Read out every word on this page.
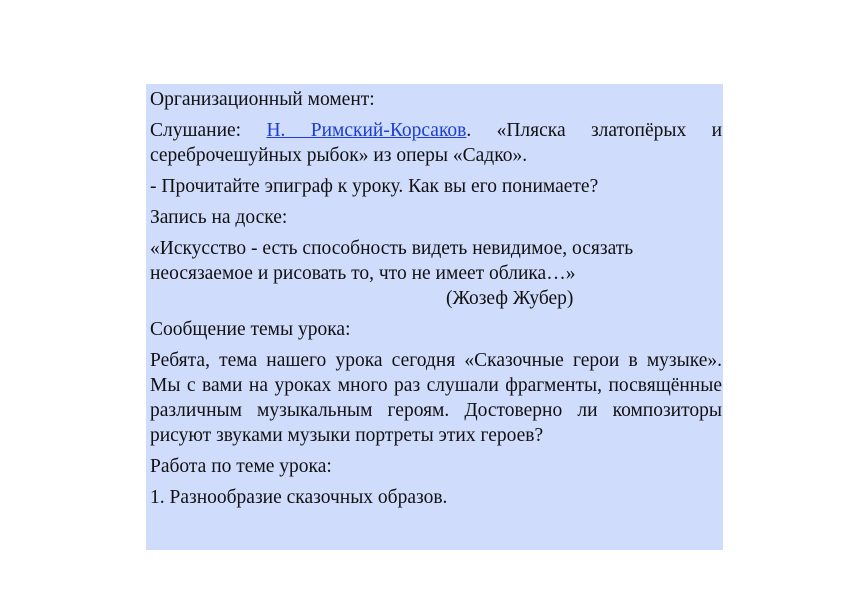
Организационный момент:

Слушание: Н. Римский-Корсаков. «Пляска златопёрых и

сереброчешуйных рыбок» из оперы «Садко».

- Прочитайте эпиграф к уроку. Как вы его понимаете?

Запись на доске:

«Искусство - есть способность видеть невидимое, осязать

неосязаемое и рисовать то, что не имеет облика…»

(Жозеф Жубер)

Сообщение темы урока:

Ребята, тема нашего урока сегодня «Сказочные герои в музыке». Мы с вами на уроках много раз слушали фрагменты, посвящённые различным музыкальным героям. Достоверно ли композиторы рисуют звуками музыки портреты этих героев?

Работа по теме урока:

1. Разнообразие сказочных образов.
